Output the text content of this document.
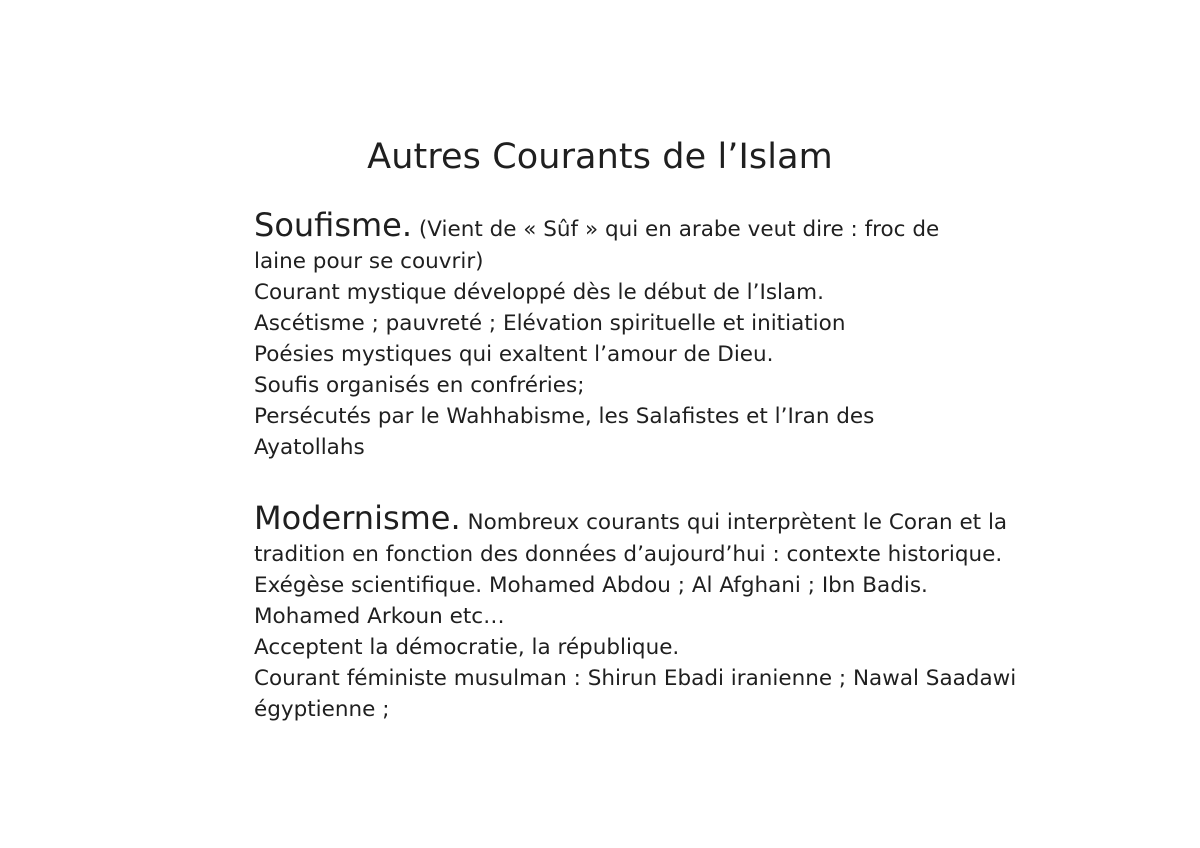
Autres Courants de l’Islam
Soufisme. (Vient de « Sûf » qui en arabe veut dire : froc de
laine pour se couvrir)
Courant mystique développé dès le début de l’Islam.
Ascétisme ; pauvreté ; Elévation spirituelle et initiation
Poésies mystiques qui exaltent l’amour de Dieu.
Soufis organisés en confréries;
Persécutés par le Wahhabisme, les Salafistes et l’Iran des
Ayatollahs
Modernisme. Nombreux courants qui interprètent le Coran et la
tradition en fonction des données d’aujourd’hui : contexte historique.
Exégèse scientifique. Mohamed Abdou ; Al Afghani ; Ibn Badis.
Mohamed Arkoun etc…
Acceptent la démocratie, la république.
Courant féministe musulman : Shirun Ebadi iranienne ; Nawal Saadawi
égyptienne ;
